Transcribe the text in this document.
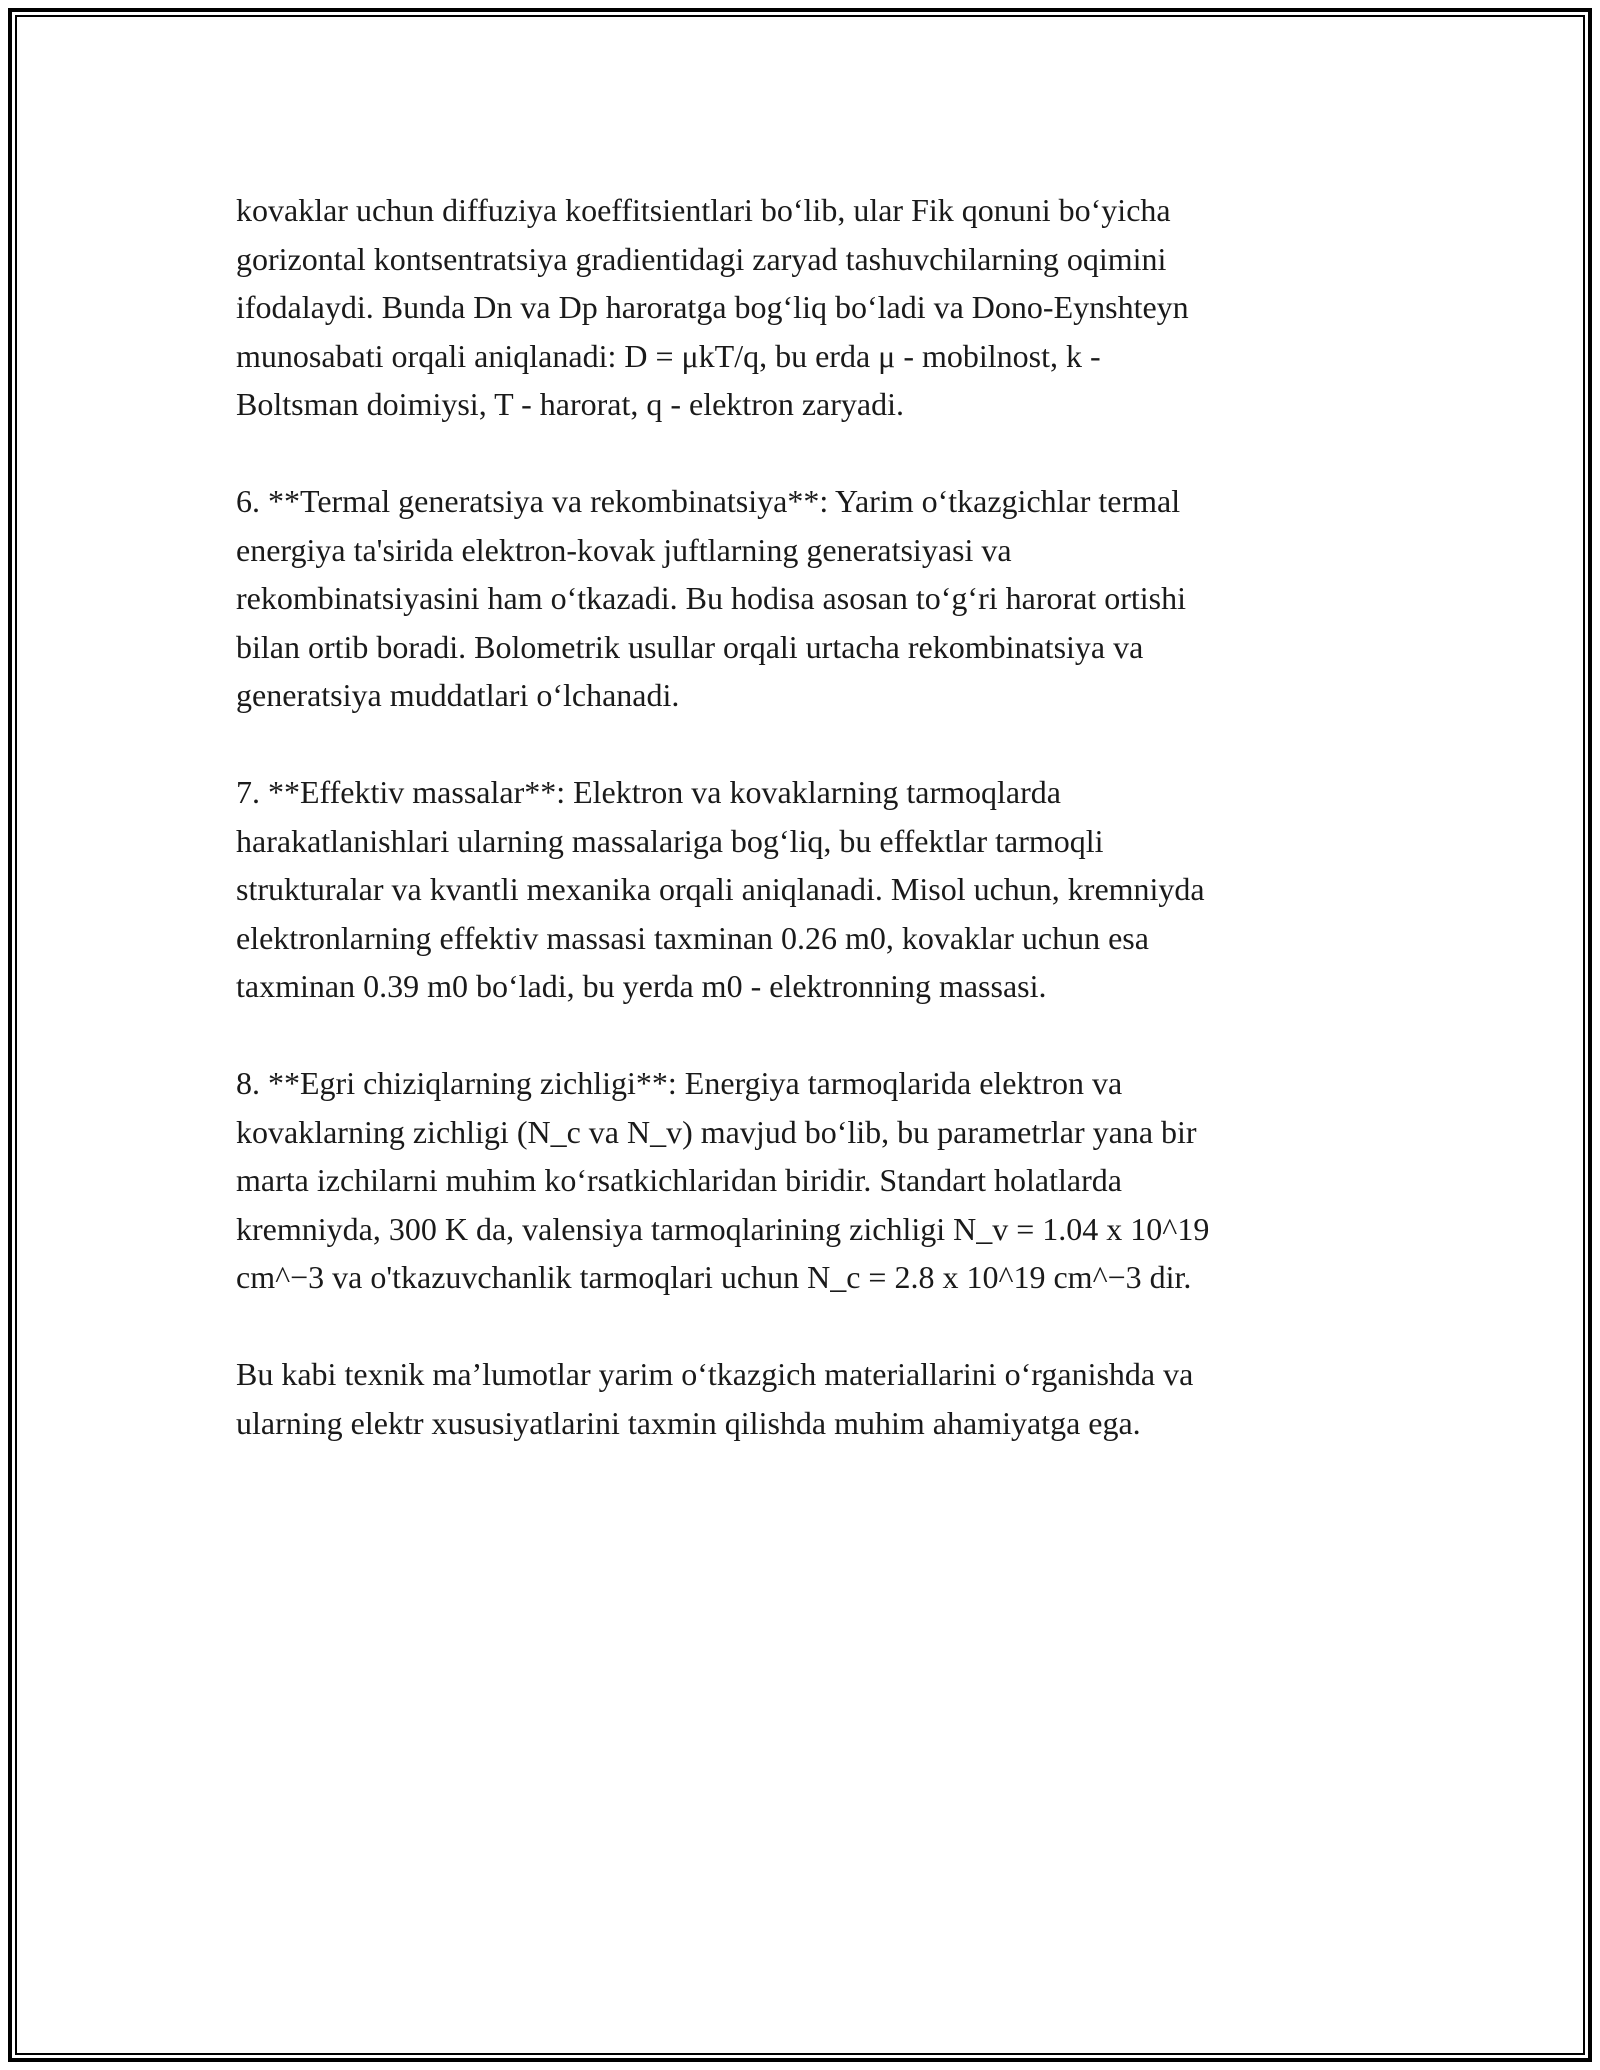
kovaklar uchun diffuziya koeffitsientlari bo‘lib, ular Fik qonuni bo‘yicha
gorizontal kontsentratsiya gradientidagi zaryad tashuvchilarning oqimini
ifodalaydi. Bunda Dn va Dp haroratga bog‘liq bo‘ladi va Dono-Eynshteyn
munosabati orqali aniqlanadi: D = μkT/q, bu erda μ - mobilnost, k -
Boltsman doimiysi, T - harorat, q - elektron zaryadi.

6. **Termal generatsiya va rekombinatsiya**: Yarim o‘tkazgichlar termal
energiya ta'sirida elektron-kovak juftlarning generatsiyasi va
rekombinatsiyasini ham o‘tkazadi. Bu hodisa asosan to‘g‘ri harorat ortishi
bilan ortib boradi. Bolometrik usullar orqali urtacha rekombinatsiya va
generatsiya muddatlari o‘lchanadi.

7. **Effektiv massalar**: Elektron va kovaklarning tarmoqlarda
harakatlanishlari ularning massalariga bog‘liq, bu effektlar tarmoqli
strukturalar va kvantli mexanika orqali aniqlanadi. Misol uchun, kremniyda
elektronlarning effektiv massasi taxminan 0.26 m0, kovaklar uchun esa
taxminan 0.39 m0 bo‘ladi, bu yerda m0 - elektronning massasi.

8. **Egri chiziqlarning zichligi**: Energiya tarmoqlarida elektron va
kovaklarning zichligi (N_c va N_v) mavjud bo‘lib, bu parametrlar yana bir
marta izchilarni muhim ko‘rsatkichlaridan biridir. Standart holatlarda
kremniyda, 300 K da, valensiya tarmoqlarining zichligi N_v = 1.04 x 10^19
cm^−3 va o'tkazuvchanlik tarmoqlari uchun N_c = 2.8 x 10^19 cm^−3 dir.

Bu kabi texnik ma’lumotlar yarim o‘tkazgich materiallarini o‘rganishda va
ularning elektr xususiyatlarini taxmin qilishda muhim ahamiyatga ega.
